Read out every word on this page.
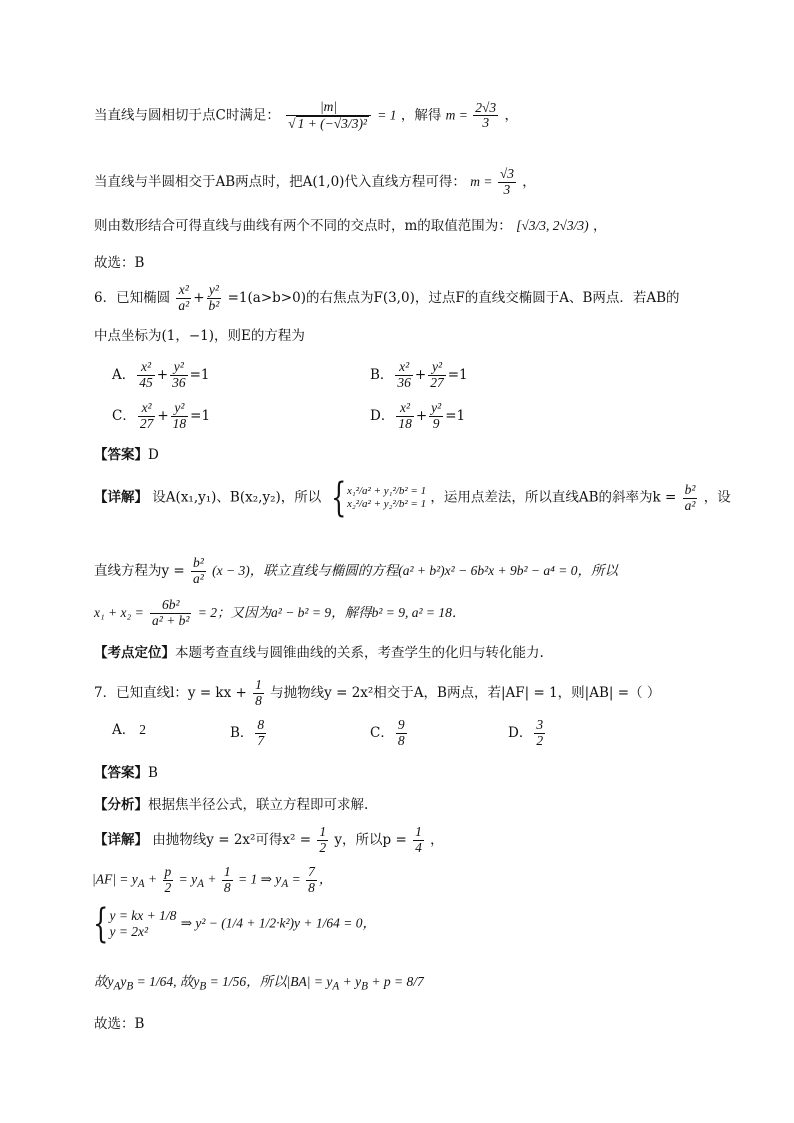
当直线与圆相切于点C时满足： $\frac{|m|}{\text{√ 1 + (−√3/3)²}} = 1$ ，解得 $m = \frac{2√3}{3}$ ，
当直线与半圆相交于AB两点时，把A(1,0)代入直线方程可得： $m = \frac{√3}{3}$ ，
则由数形结合可得直线与曲线有两个不同的交点时，m的取值范围为： [√3/3, 2√3/3) ，
故选：B
6．已知椭圆 $\frac{\text{x²}}{\text{a²}} + \frac{\text{y²}}{\text{b²}} =1(a>b>0)$的右焦点为F(3,0)，过点F的直线交椭圆于A、B两点．若AB的
中点坐标为(1，−1)，则E的方程为
A． $\frac{\text{x²}}{45} + \frac{\text{y²}}{36} =1$	B． $\frac{\text{x²}}{36} + \frac{\text{y²}}{27} =1$
C． $\frac{\text{x²}}{27} + \frac{\text{y²}}{18} =1$	D． $\frac{\text{x²}}{18} + \frac{\text{y²}}{9} =1$
【答案】D
【详解】 设A(x₁,y₁)、B(x₂,y₂)，所以 { x₁²/a² + y₁²/b² = 1
x₂²/a² + y₂²/b² = 1 ，运用点差法，所以直线AB的斜率为$k = \frac{\text{b²}}{\text{a²}}$ ，设
直线方程为$y = \frac{\text{b²}}{\text{a²}} (x - 3)$，联立直线与椭圆的方程(a² + b²)x² − 6b²x + 9b² − a⁴ = 0，所以
$x_1 + x_2 = \frac{\text{6b²}}{\text{a² + b²}} = 2$；又因为a² − b² = 9，解得b² = 9, a² = 18．
【考点定位】本题考查直线与圆锥曲线的关系，考查学生的化归与转化能力.
7．已知直线l：y = kx + $\frac{1}{8}$ 与抛物线y = 2x²相交于A，B两点，若|AF| = 1，则|AB| =（ ）
A． 2	B． $\frac{8}{7}$	C． $\frac{9}{8}$	D． $\frac{3}{2}$
【答案】B
【分析】根据焦半径公式，联立方程即可求解.
【详解】 由抛物线y = 2x²可得$x^2 = \frac{1}{2}$ y，所以$p = \frac{1}{4}$ ，
$|AF| = y_A + \frac{p}{2} = y_A + \frac{1}{8} = 1$ ⇒ $y_A = \frac{7}{8}$ ，
{ y = kx + 1/8
y = 2x²
⇒ y² − (1/4 + 1/2·k²)y + 1/64 = 0，
故$y_Ay_B = 1/64$, 故$y_B = 1/56$，所以$|BA| = y_A + y_B + p = 8/7$
故选：B
